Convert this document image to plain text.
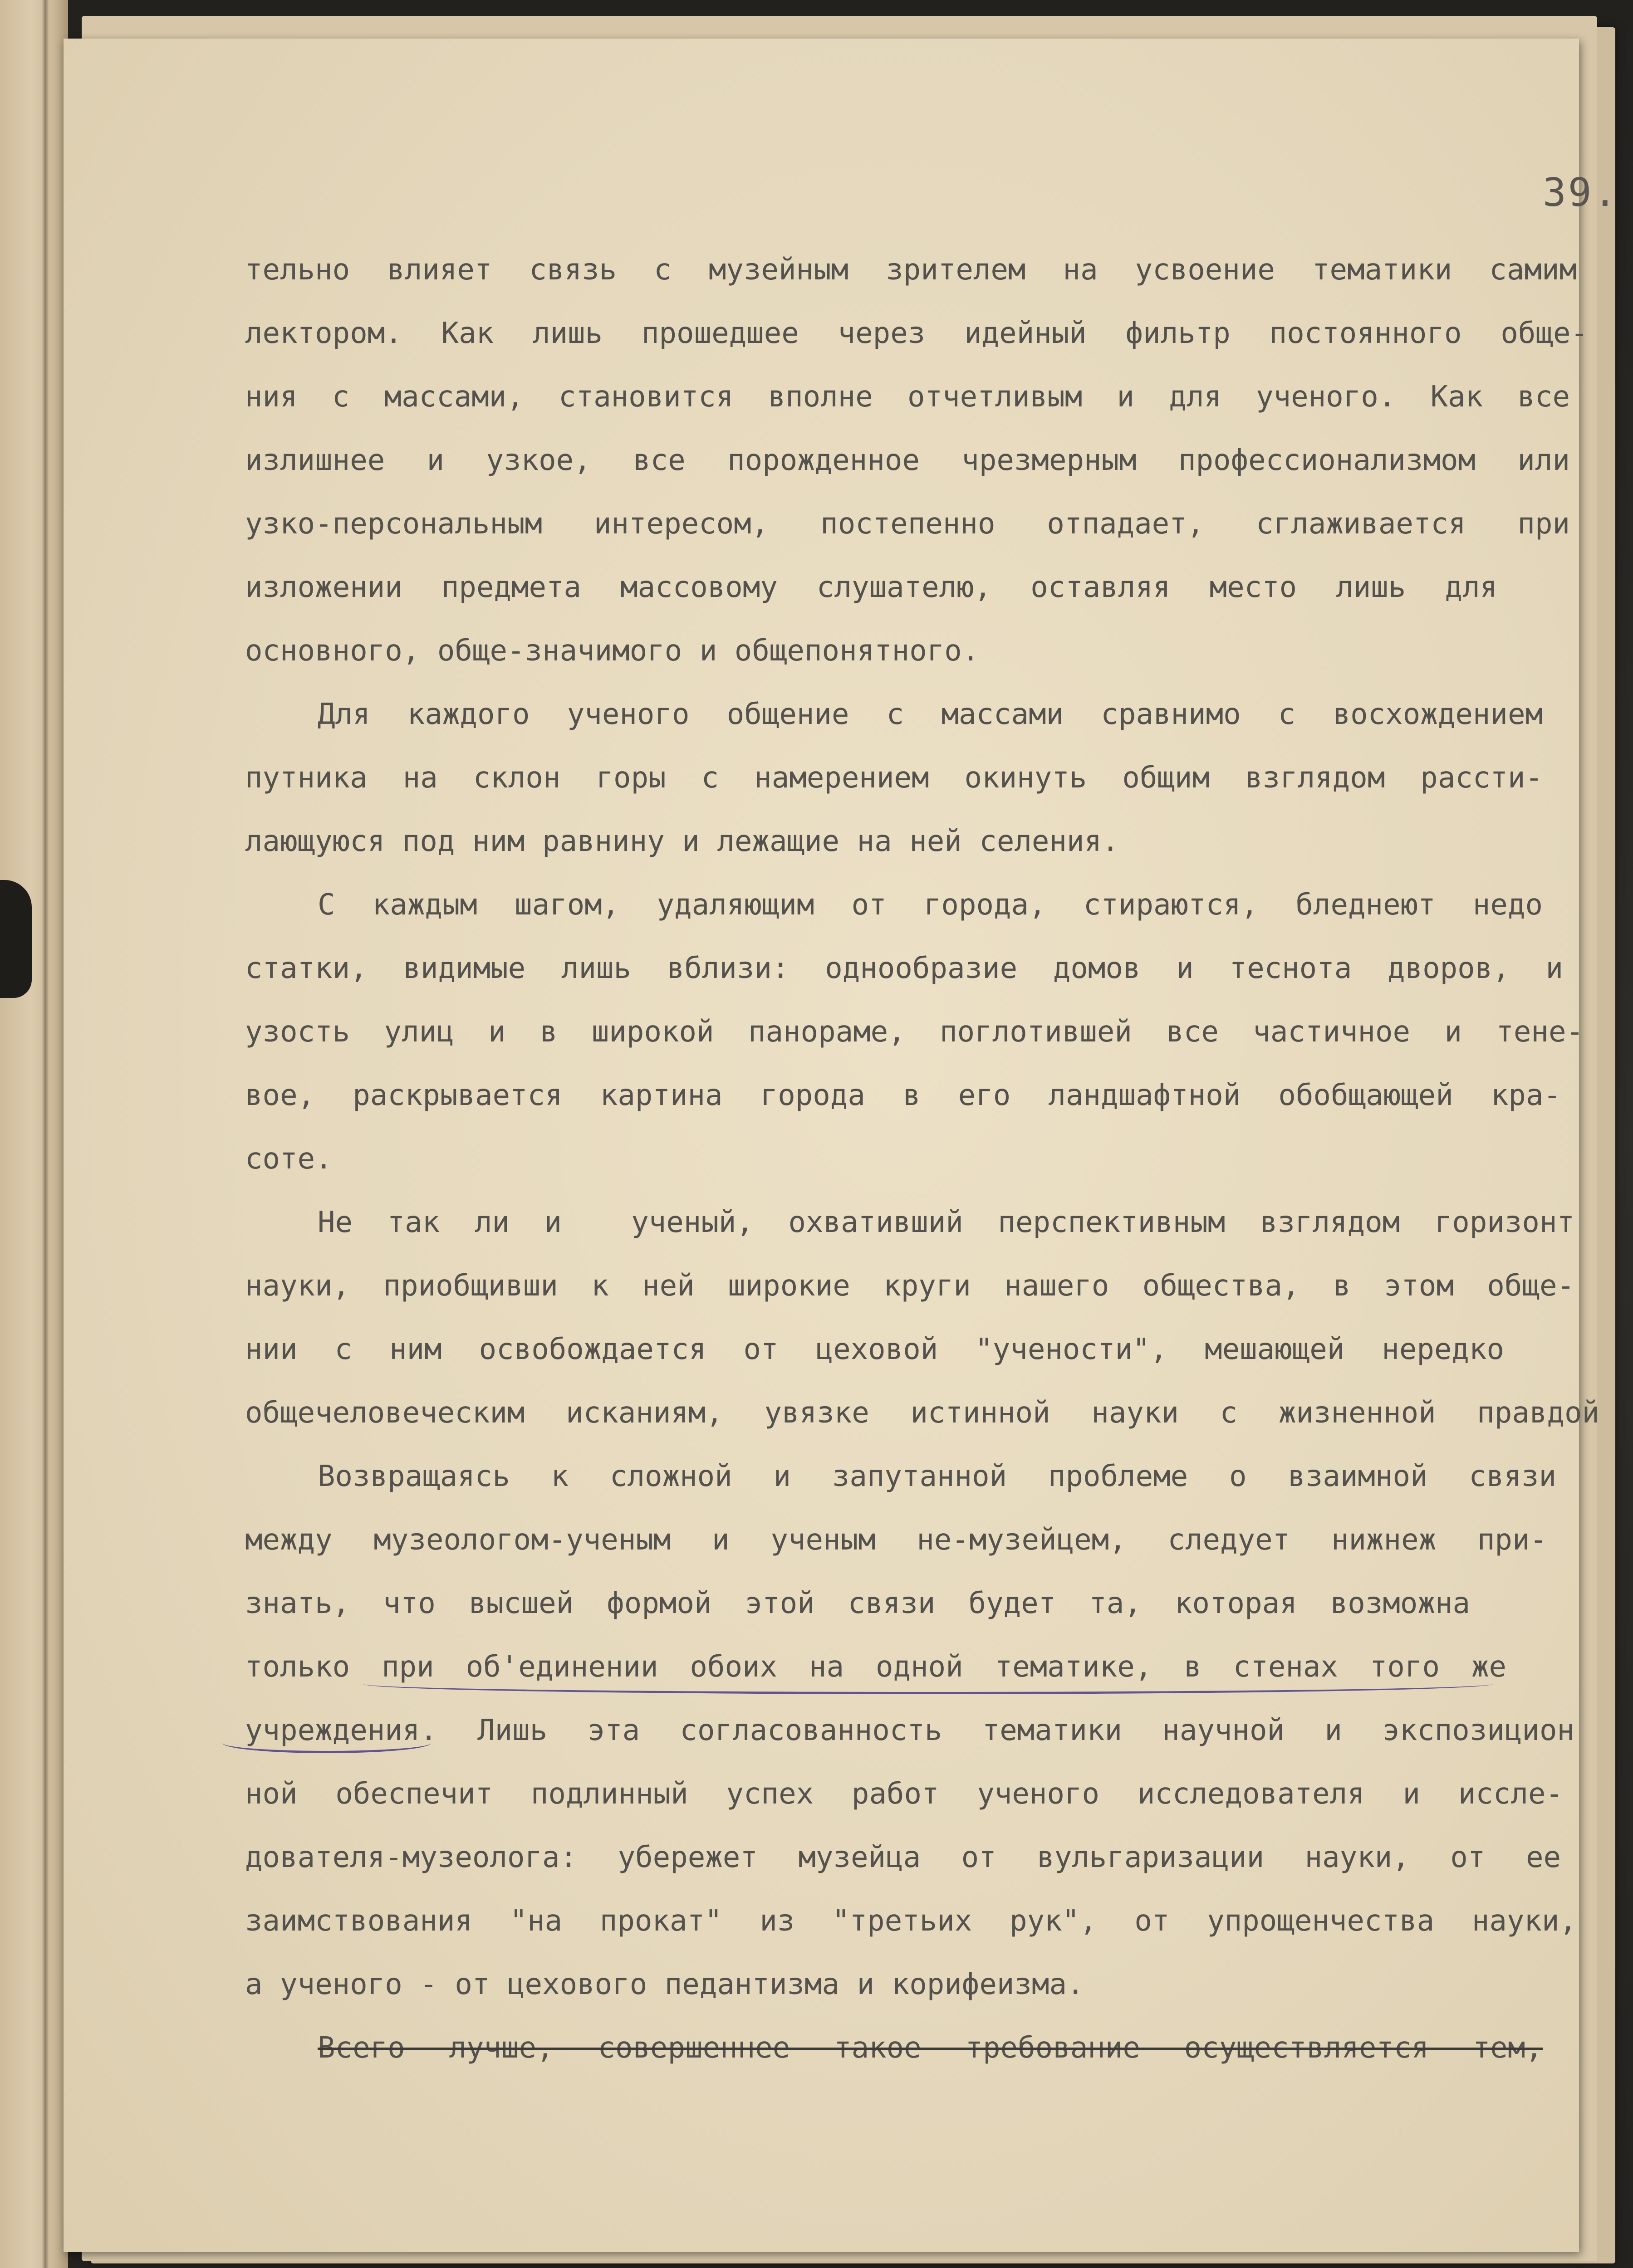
39.
тельно влияет связь с музейным зрителем на усвоение тематики самим
лектором. Как лишь прошедшее через идейный фильтр постоянного обще-
ния с массами, становится вполне отчетливым и для ученого. Как все
излишнее и узкое, все порожденное чрезмерным профессионализмом или
узко-персональным интересом, постепенно отпадает, сглаживается при
изложении предмета массовому слушателю, оставляя место лишь для
основного, обще-значимого и общепонятного.
Для каждого ученого общение с массами сравнимо с восхождением
путника на склон горы с намерением окинуть общим взглядом рассти-
лающуюся под ним равнину и лежащие на ней селения.
С каждым шагом, удаляющим от города, стираются, бледнеют недо
статки, видимые лишь вблизи: однообразие домов и теснота дворов, и
узость улиц и в широкой панораме, поглотившей все частичное и тене-
вое, раскрывается картина города в его ландшафтной обобщающей кра-
соте.
Не так ли и  ученый, охвативший перспективным взглядом горизонт
науки, приобщивши к ней широкие круги нашего общества, в этом обще-
нии с ним освобождается от цеховой "учености", мешающей нередко
общечеловеческим исканиям, увязке истинной науки с жизненной правдой
Возвращаясь к сложной и запутанной проблеме о взаимной связи
между музеологом-ученым и ученым не-музейцем, следует нижнеж при-
знать, что высшей формой этой связи будет та, которая возможна
только при об'единении обоих на одной тематике, в стенах того же
учреждения. Лишь эта согласованность тематики научной и экспозицион
ной обеспечит подлинный успех работ ученого исследователя и иссле-
дователя-музеолога: убережет музейца от вульгаризации науки, от ее
заимствования "на прокат" из "третьих рук", от упрощенчества науки,
а ученого - от цехового педантизма и корифеизма.
Всего лучше, совершеннее такое требование осуществляется тем,
